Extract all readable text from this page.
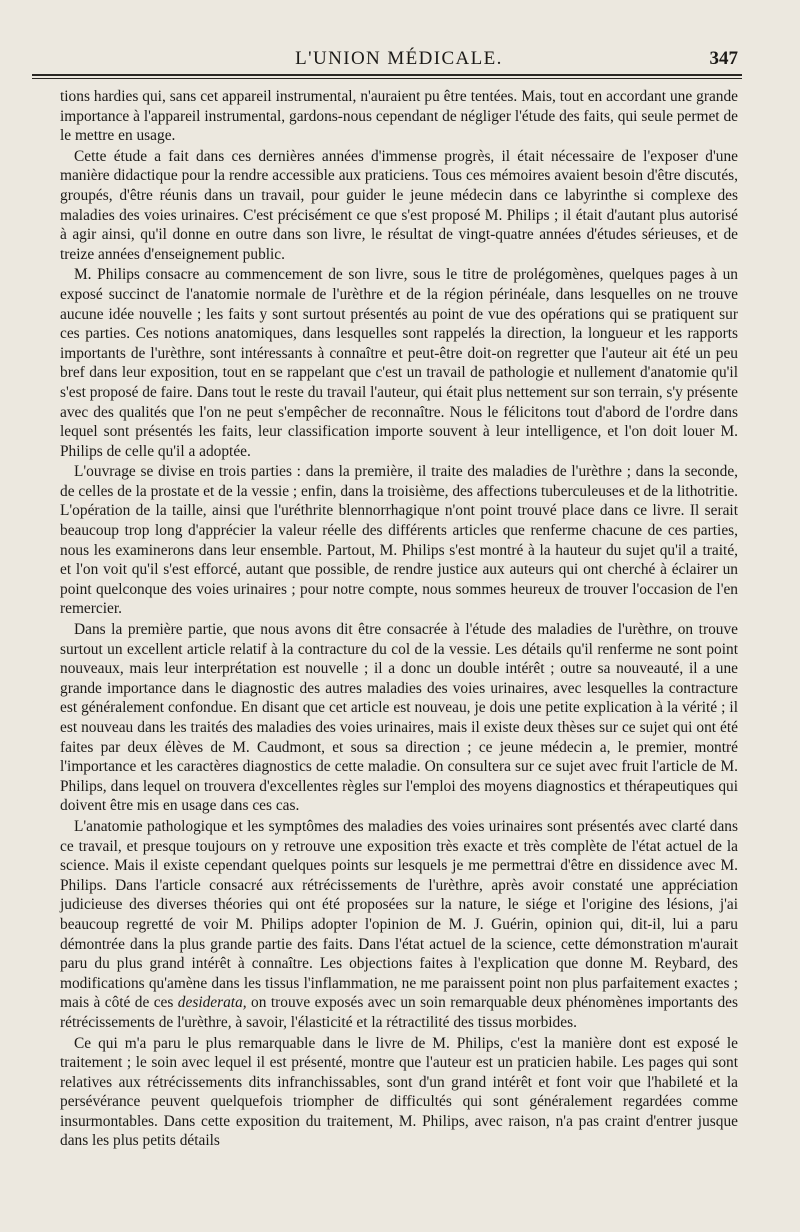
L'UNION MÉDICALE.	347

tions hardies qui, sans cet appareil instrumental, n'auraient pu être tentées. Mais, tout en accordant une grande importance à l'appareil instrumental, gardons-nous cependant de négliger l'étude des faits, qui seule permet de le mettre en usage.

Cette étude a fait dans ces dernières années d'immense progrès, il était nécessaire de l'exposer d'une manière didactique pour la rendre accessible aux praticiens. Tous ces mémoires avaient besoin d'être discutés, groupés, d'être réunis dans un travail, pour guider le jeune médecin dans ce labyrinthe si complexe des maladies des voies urinaires. C'est précisément ce que s'est proposé M. Philips ; il était d'autant plus autorisé à agir ainsi, qu'il donne en outre dans son livre, le résultat de vingt-quatre années d'études sérieuses, et de treize années d'enseignement public.

M. Philips consacre au commencement de son livre, sous le titre de prolégomènes, quelques pages à un exposé succinct de l'anatomie normale de l'urèthre et de la région périnéale, dans lesquelles on ne trouve aucune idée nouvelle ; les faits y sont surtout présentés au point de vue des opérations qui se pratiquent sur ces parties. Ces notions anatomiques, dans lesquelles sont rappelés la direction, la longueur et les rapports importants de l'urèthre, sont intéressants à connaître et peut-être doit-on regretter que l'auteur ait été un peu bref dans leur exposition, tout en se rappelant que c'est un travail de pathologie et nullement d'anatomie qu'il s'est proposé de faire. Dans tout le reste du travail l'auteur, qui était plus nettement sur son terrain, s'y présente avec des qualités que l'on ne peut s'empêcher de reconnaître. Nous le félicitons tout d'abord de l'ordre dans lequel sont présentés les faits, leur classification importe souvent à leur intelligence, et l'on doit louer M. Philips de celle qu'il a adoptée.

L'ouvrage se divise en trois parties : dans la première, il traite des maladies de l'urèthre ; dans la seconde, de celles de la prostate et de la vessie ; enfin, dans la troisième, des affections tuberculeuses et de la lithotritie. L'opération de la taille, ainsi que l'uréthrite blennorrhagique n'ont point trouvé place dans ce livre. Il serait beaucoup trop long d'apprécier la valeur réelle des différents articles que renferme chacune de ces parties, nous les examinerons dans leur ensemble. Partout, M. Philips s'est montré à la hauteur du sujet qu'il a traité, et l'on voit qu'il s'est efforcé, autant que possible, de rendre justice aux auteurs qui ont cherché à éclairer un point quelconque des voies urinaires ; pour notre compte, nous sommes heureux de trouver l'occasion de l'en remercier.

Dans la première partie, que nous avons dit être consacrée à l'étude des maladies de l'urèthre, on trouve surtout un excellent article relatif à la contracture du col de la vessie. Les détails qu'il renferme ne sont point nouveaux, mais leur interprétation est nouvelle ; il a donc un double intérêt ; outre sa nouveauté, il a une grande importance dans le diagnostic des autres maladies des voies urinaires, avec lesquelles la contracture est généralement confondue. En disant que cet article est nouveau, je dois une petite explication à la vérité ; il est nouveau dans les traités des maladies des voies urinaires, mais il existe deux thèses sur ce sujet qui ont été faites par deux élèves de M. Caudmont, et sous sa direction ; ce jeune médecin a, le premier, montré l'importance et les caractères diagnostics de cette maladie. On consultera sur ce sujet avec fruit l'article de M. Philips, dans lequel on trouvera d'excellentes règles sur l'emploi des moyens diagnostics et thérapeutiques qui doivent être mis en usage dans ces cas.

L'anatomie pathologique et les symptômes des maladies des voies urinaires sont présentés avec clarté dans ce travail, et presque toujours on y retrouve une exposition très exacte et très complète de l'état actuel de la science. Mais il existe cependant quelques points sur lesquels je me permettrai d'être en dissidence avec M. Philips. Dans l'article consacré aux rétrécissements de l'urèthre, après avoir constaté une appréciation judicieuse des diverses théories qui ont été proposées sur la nature, le siége et l'origine des lésions, j'ai beaucoup regretté de voir M. Philips adopter l'opinion de M. J. Guérin, opinion qui, dit-il, lui a paru démontrée dans la plus grande partie des faits. Dans l'état actuel de la science, cette démonstration m'aurait paru du plus grand intérêt à connaître. Les objections faites à l'explication que donne M. Reybard, des modifications qu'amène dans les tissus l'inflammation, ne me paraissent point non plus parfaitement exactes ; mais à côté de ces desiderata, on trouve exposés avec un soin remarquable deux phénomènes importants des rétrécissements de l'urèthre, à savoir, l'élasticité et la rétractilité des tissus morbides.

Ce qui m'a paru le plus remarquable dans le livre de M. Philips, c'est la manière dont est exposé le traitement ; le soin avec lequel il est présenté, montre que l'auteur est un praticien habile. Les pages qui sont relatives aux rétrécissements dits infranchissables, sont d'un grand intérêt et font voir que l'habileté et la persévérance peuvent quelquefois triompher de difficultés qui sont généralement regardées comme insurmontables. Dans cette exposition du traitement, M. Philips, avec raison, n'a pas craint d'entrer jusque dans les plus petits détails
